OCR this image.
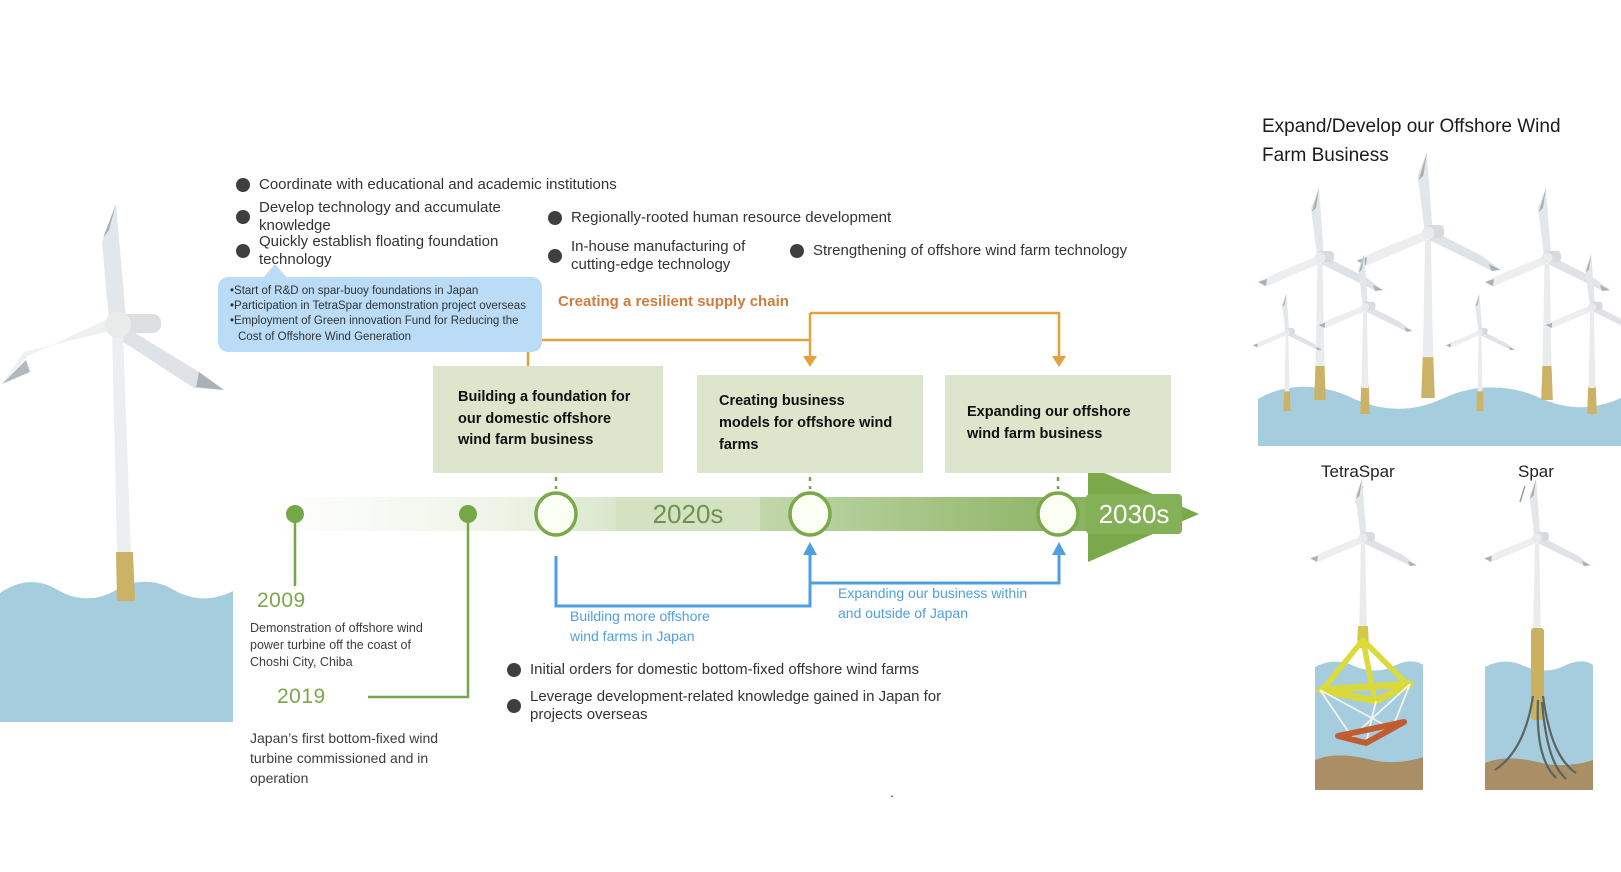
Coordinate with educational and academic institutions
Develop technology and accumulate knowledge
Quickly establish floating foundation technology
Regionally-rooted human resource development
In-house manufacturing of cutting-edge technology
Strengthening of offshore wind farm technology
•Start of R&D on spar-buoy foundations in Japan
•Participation in TetraSpar demonstration project overseas
•Employment of Green innovation Fund for Reducing the Cost of Offshore Wind Generation
Creating a resilient supply chain
Building a foundation for our domestic offshore wind farm business
Creating business models for offshore wind farms
Expanding our offshore wind farm business
2020s	2030s
2009
Demonstration of offshore wind power turbine off the coast of Choshi City, Chiba
2019
Japan’s first bottom-fixed wind turbine commissioned and in operation
Building more offshore wind farms in Japan
Expanding our business within and outside of Japan
Initial orders for domestic bottom-fixed offshore wind farms
Leverage development-related knowledge gained in Japan for projects overseas
.
Expand/Develop our Offshore Wind Farm Business
TetraSpar	Spar
